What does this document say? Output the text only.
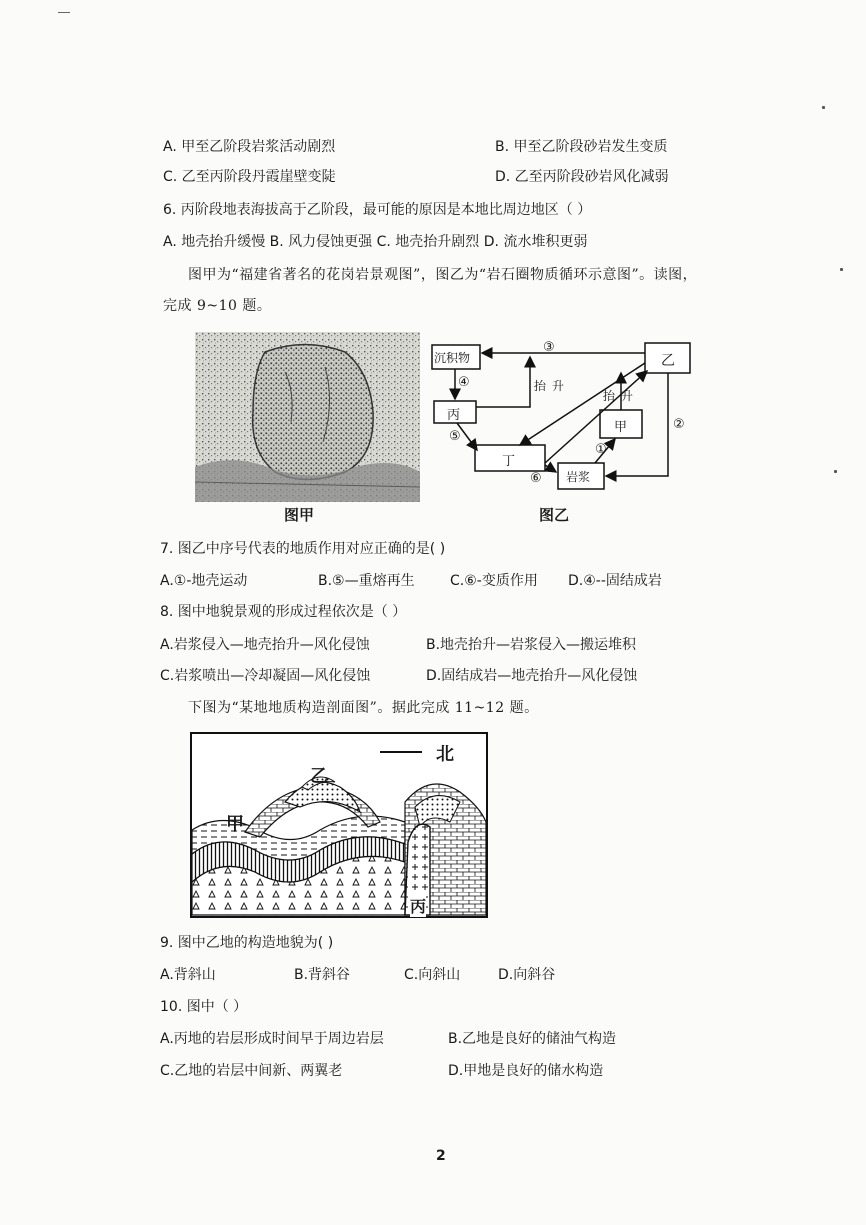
A. 甲至乙阶段岩浆活动剧烈	B. 甲至乙阶段砂岩发生变质
C. 乙至丙阶段丹霞崖壁变陡	D. 乙至丙阶段砂岩风化减弱
6. 丙阶段地表海拔高于乙阶段，最可能的原因是本地比周边地区（ ）
A. 地壳抬升缓慢 B. 风力侵蚀更强 C. 地壳抬升剧烈 D. 流水堆积更弱
图甲为“福建省著名的花岗岩景观图”，图乙为“岩石圈物质循环示意图”。读图，
完成 9~10 题。
图甲
沉积物
丙
丁
乙
甲
岩浆
抬升
抬升
③
④
⑤
⑥
①
②
图乙
7. 图乙中序号代表的地质作用对应正确的是( )
A.①-地壳运动	B.⑤—重熔再生	C.⑥-变质作用 D.④--固结成岩
8. 图中地貌景观的形成过程依次是（ ）
A.岩浆侵入—地壳抬升—风化侵蚀	B.地壳抬升—岩浆侵入—搬运堆积
C.岩浆喷出—冷却凝固—风化侵蚀	D.固结成岩—地壳抬升—风化侵蚀
下图为“某地地质构造剖面图”。据此完成 11~12 题。
北
乙
甲
丙
9. 图中乙地的构造地貌为( )
A.背斜山	B.背斜谷	C.向斜山	D.向斜谷
10. 图中（ ）
A.丙地的岩层形成时间早于周边岩层	B.乙地是良好的储油气构造
C.乙地的岩层中间新、两翼老	D.甲地是良好的储水构造
2
